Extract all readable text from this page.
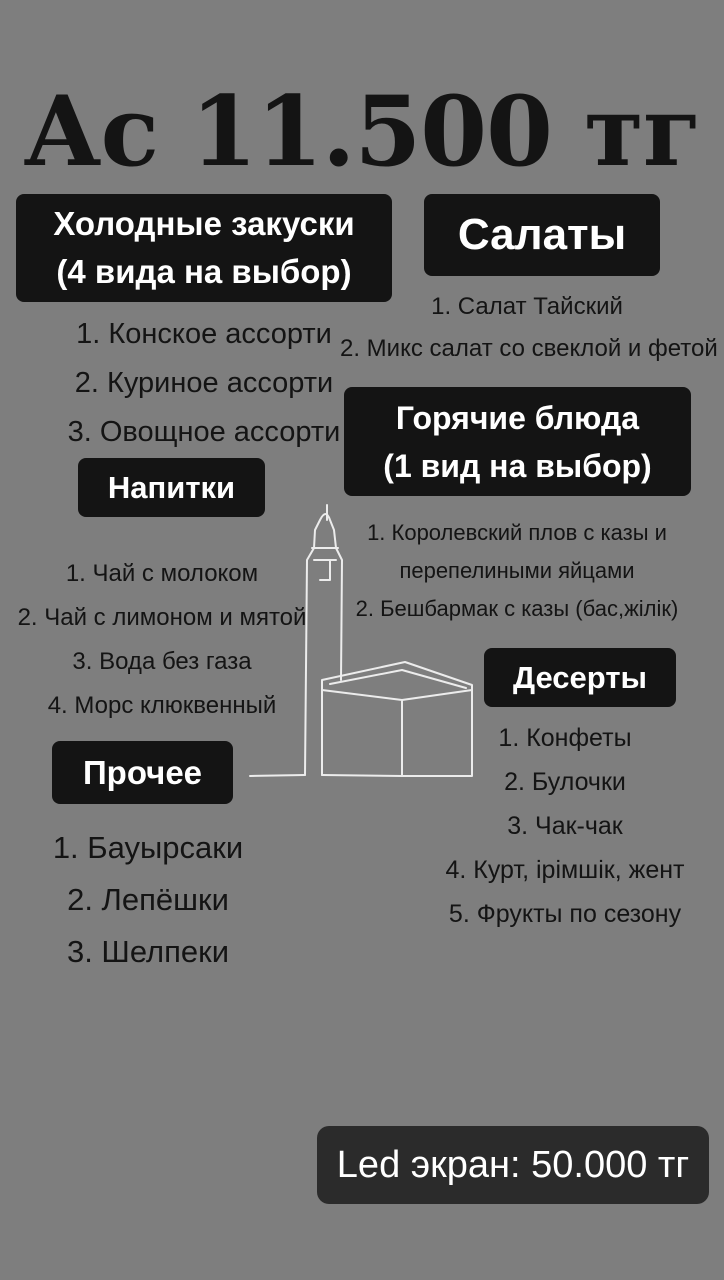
Ас 11.500 тг
Холодные закуски
(4 вида на выбор)
1. Конское ассорти
2. Куриное ассорти
3. Овощное ассорти
Салаты
1. Салат Тайский
2. Микс салат со свеклой и фетой
Горячие блюда
(1 вид на выбор)
1. Королевский плов с казы и
перепелиными яйцами
2. Бешбармак с казы (бас,жілік)
Напитки
1. Чай с молоком
2. Чай с лимоном и мятой
3. Вода без газа
4. Морс клюквенный
Десерты
1. Конфеты
2. Булочки
3. Чак-чак
4. Курт, ірімшік, жент
5. Фрукты по сезону
Прочее
1. Бауырсаки
2. Лепёшки
3. Шелпеки
Led экран: 50.000 тг
